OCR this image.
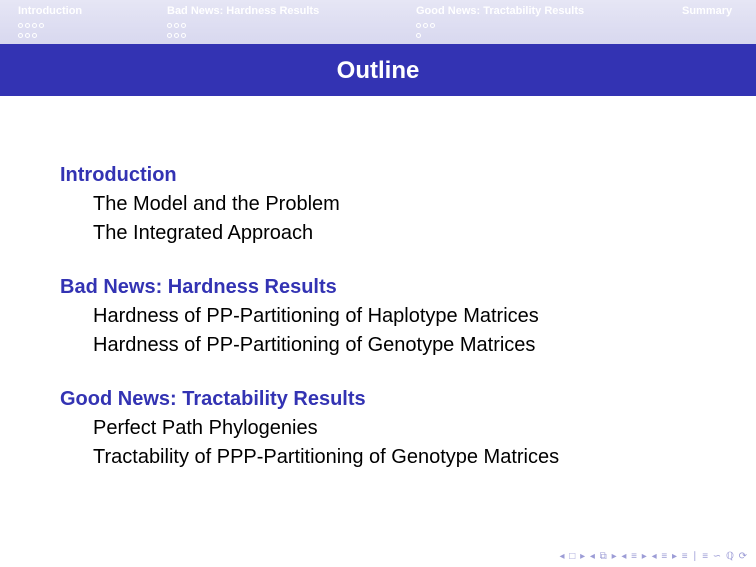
Introduction	Bad News: Hardness Results	Good News: Tractability Results	Summary
Outline
Introduction
The Model and the Problem
The Integrated Approach
Bad News: Hardness Results
Hardness of PP-Partitioning of Haplotype Matrices
Hardness of PP-Partitioning of Genotype Matrices
Good News: Tractability Results
Perfect Path Phylogenies
Tractability of PPP-Partitioning of Genotype Matrices
◂ □ ▸ ◂ ⧉ ▸ ◂ ≡ ▸ ◂ ≡ ▸ ≡ ∣ ≡ ∽ ℚ ⟳
